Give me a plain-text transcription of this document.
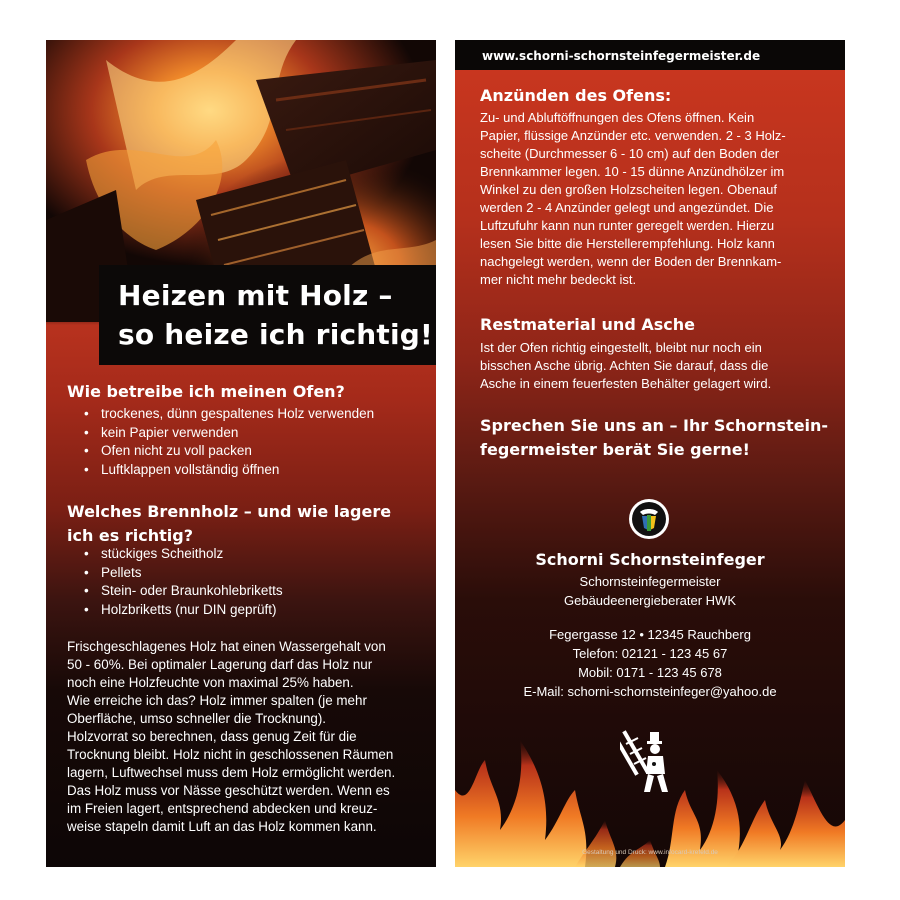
Heizen mit Holz –
so heize ich richtig!
Wie betreibe ich meinen Ofen?
• trockenes, dünn gespaltenes Holz verwenden
• kein Papier verwenden
• Ofen nicht zu voll packen
• Luftklappen vollständig öffnen
Welches Brennholz – und wie lagere
ich es richtig?
• stückiges Scheitholz
• Pellets
• Stein- oder Braunkohlebriketts
• Holzbriketts (nur DIN geprüft)
Frischgeschlagenes Holz hat einen Wassergehalt von
50 - 60%. Bei optimaler Lagerung darf das Holz nur
noch eine Holzfeuchte von maximal 25% haben.
Wie erreiche ich das? Holz immer spalten (je mehr
Oberfläche, umso schneller die Trocknung).
Holzvorrat so berechnen, dass genug Zeit für die
Trocknung bleibt. Holz nicht in geschlossenen Räumen
lagern, Luftwechsel muss dem Holz ermöglicht werden.
Das Holz muss vor Nässe geschützt werden. Wenn es
im Freien lagert, entsprechend abdecken und kreuz-
weise stapeln damit Luft an das Holz kommen kann.
www.schorni-schornsteinfegermeister.de
Anzünden des Ofens:
Zu- und Abluftöffnungen des Ofens öffnen. Kein
Papier, flüssige Anzünder etc. verwenden. 2 - 3 Holz-
scheite (Durchmesser 6 - 10 cm) auf den Boden der
Brennkammer legen. 10 - 15 dünne Anzündhölzer im
Winkel zu den großen Holzscheiten legen. Obenauf
werden 2 - 4 Anzünder gelegt und angezündet. Die
Luftzufuhr kann nun runter geregelt werden. Hierzu
lesen Sie bitte die Herstellerempfehlung. Holz kann
nachgelegt werden, wenn der Boden der Brennkam-
mer nicht mehr bedeckt ist.
Restmaterial und Asche
Ist der Ofen richtig eingestellt, bleibt nur noch ein
bisschen Asche übrig. Achten Sie darauf, dass die
Asche in einem feuerfesten Behälter gelagert wird.
Sprechen Sie uns an – Ihr Schornstein-
fegermeister berät Sie gerne!
Schorni Schornsteinfeger
Schornsteinfegermeister
Gebäudeenergieberater HWK
Fegergasse 12 • 12345 Rauchberg
Telefon: 02121 - 123 45 67
Mobil: 0171 - 123 45 678
E-Mail: schorni-schornsteinfeger@yahoo.de
Gestaltung und Druck: www.infocard-krefeld.de
